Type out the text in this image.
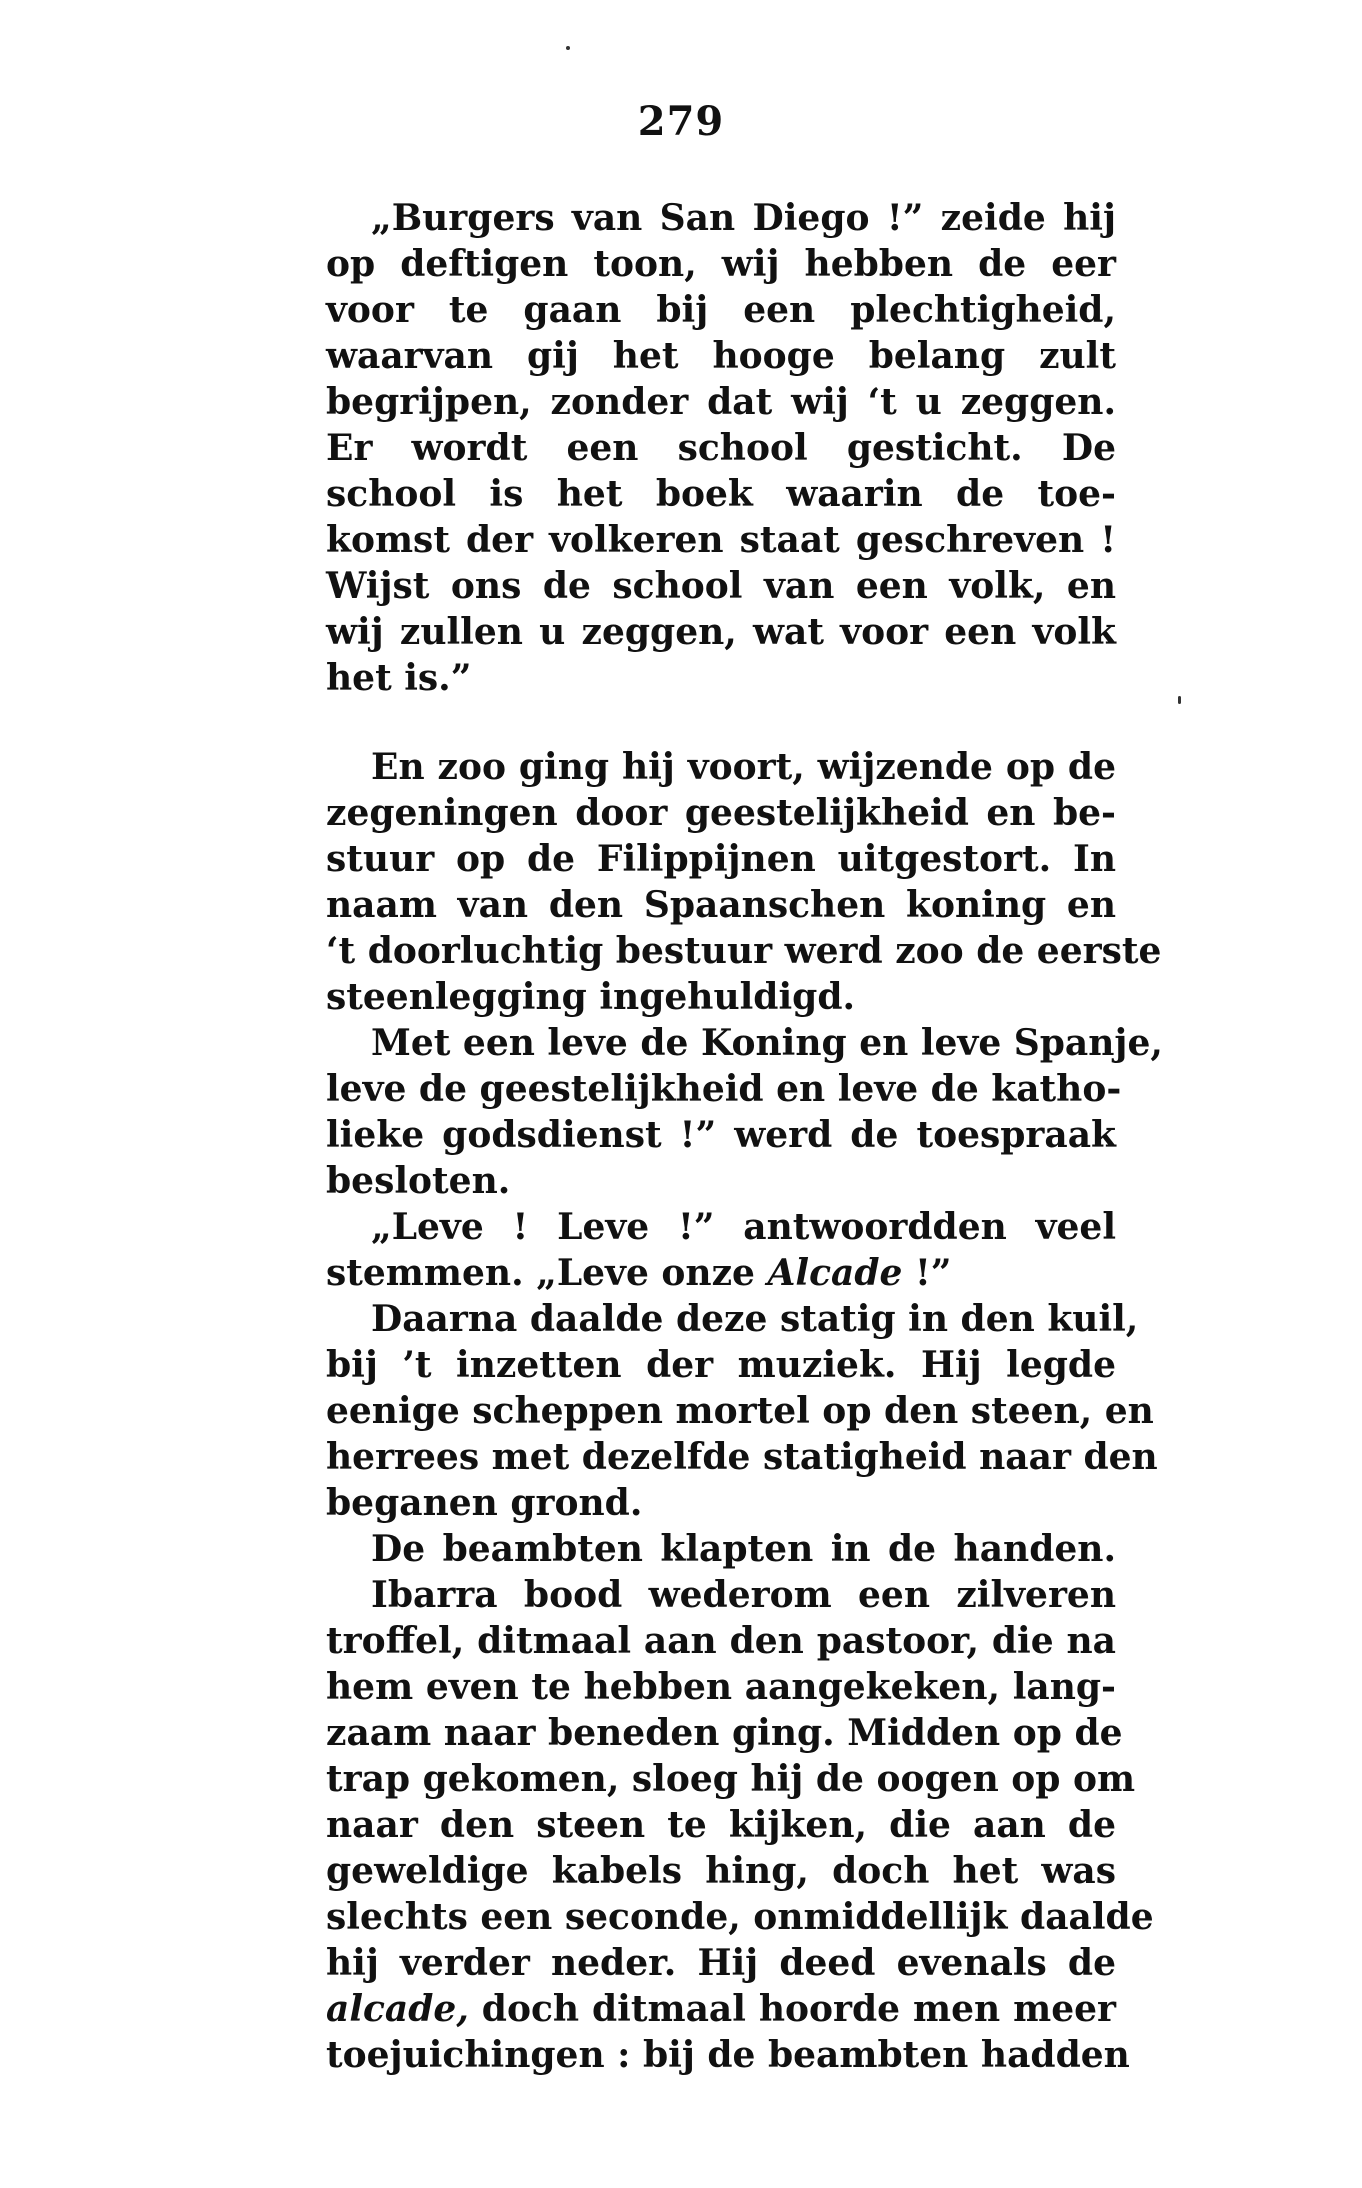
279

„Burgers van San Diego !” zeide hij
op deftigen toon, wij hebben de eer
voor te gaan bij een plechtigheid,
waarvan gij het hooge belang zult
begrijpen, zonder dat wij ‘t u zeggen.
Er wordt een school gesticht. De
school is het boek waarin de toe-
komst der volkeren staat geschreven !
Wijst ons de school van een volk, en
wij zullen u zeggen, wat voor een volk
het is.”

En zoo ging hij voort, wijzende op de
zegeningen door geestelijkheid en be-
stuur op de Filippijnen uitgestort. In
naam van den Spaanschen koning en
‘t doorluchtig bestuur werd zoo de eerste
steenlegging ingehuldigd.

Met een leve de Koning en leve Spanje,
leve de geestelijkheid en leve de katho-
lieke godsdienst !” werd de toespraak
besloten.

„Leve ! Leve !” antwoordden veel
stemmen. „Leve onze Alcade !”

Daarna daalde deze statig in den kuil,
bij ’t inzetten der muziek. Hij legde
eenige scheppen mortel op den steen, en
herrees met dezelfde statigheid naar den
beganen grond.

De beambten klapten in de handen.

Ibarra bood wederom een zilveren
troffel, ditmaal aan den pastoor, die na
hem even te hebben aangekeken, lang-
zaam naar beneden ging. Midden op de
trap gekomen, sloeg hij de oogen op om
naar den steen te kijken, die aan de
geweldige kabels hing, doch het was
slechts een seconde, onmiddellijk daalde
hij verder neder. Hij deed evenals de
alcade, doch ditmaal hoorde men meer
toejuichingen : bij de beambten hadden
